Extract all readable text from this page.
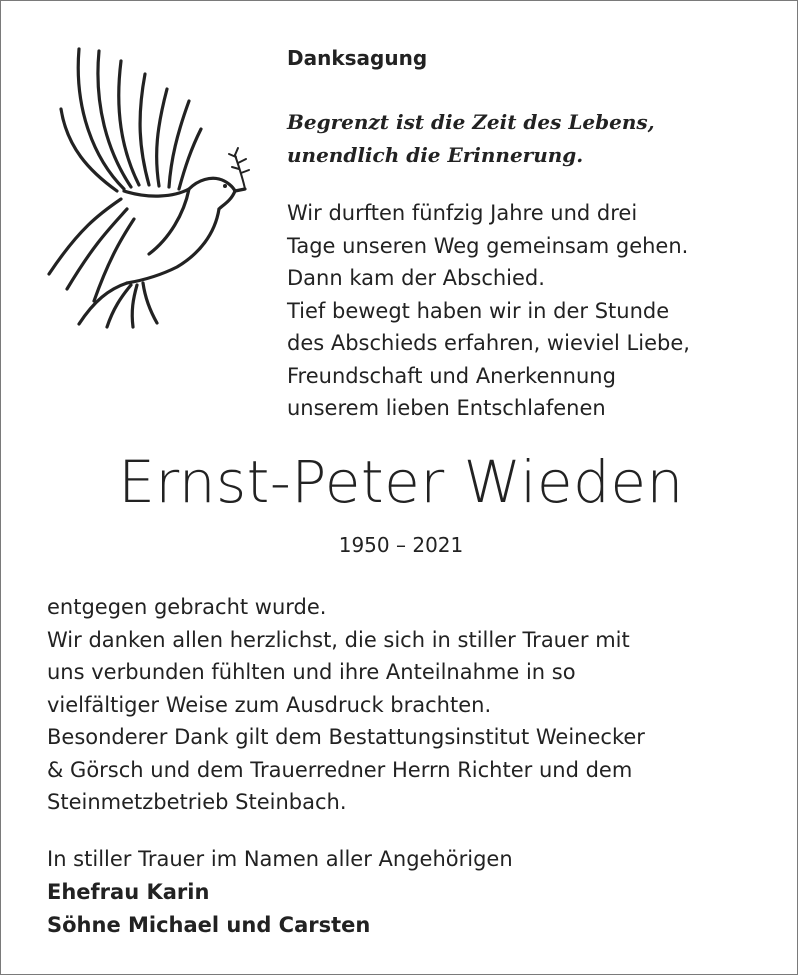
Danksagung
Begrenzt ist die Zeit des Lebens,
unendlich die Erinnerung.
Wir durften fünfzig Jahre und drei
Tage unseren Weg gemeinsam gehen.
Dann kam der Abschied.
Tief bewegt haben wir in der Stunde
des Abschieds erfahren, wieviel Liebe,
Freundschaft und Anerkennung
unserem lieben Entschlafenen
Ernst-Peter Wieden
1950 – 2021
entgegen gebracht wurde.
Wir danken allen herzlichst, die sich in stiller Trauer mit
uns verbunden fühlten und ihre Anteilnahme in so
vielfältiger Weise zum Ausdruck brachten.
Besonderer Dank gilt dem Bestattungsinstitut Weinecker
& Görsch und dem Trauerredner Herrn Richter und dem
Steinmetzbetrieb Steinbach.
In stiller Trauer im Namen aller Angehörigen
Ehefrau Karin
Söhne Michael und Carsten
